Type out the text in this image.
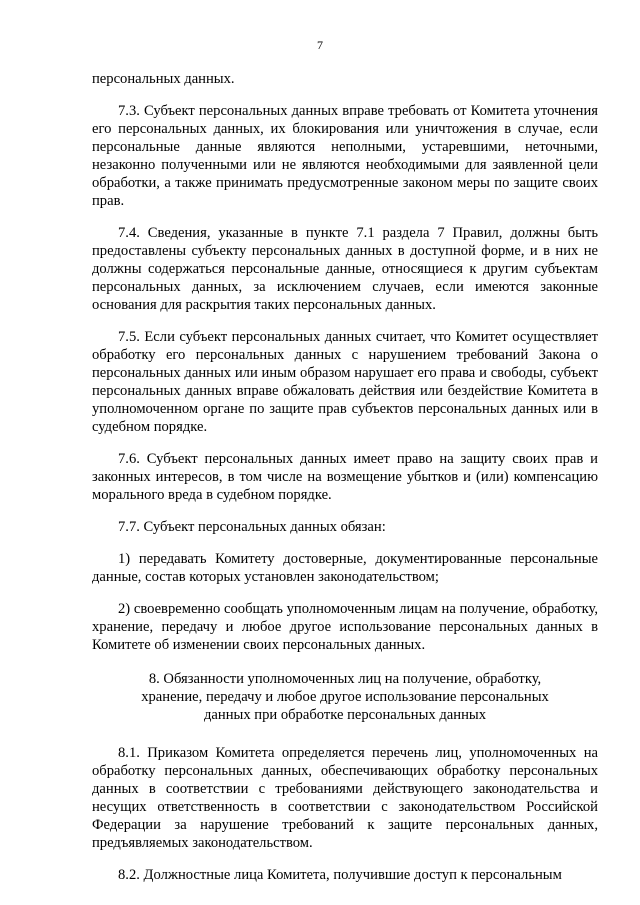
7

персональных данных.

7.3. Субъект персональных данных вправе требовать от Комитета уточнения его персональных данных, их блокирования или уничтожения в случае, если персональные данные являются неполными, устаревшими, неточными, незаконно полученными или не являются необходимыми для заявленной цели обработки, а также принимать предусмотренные законом меры по защите своих прав.

7.4. Сведения, указанные в пункте 7.1 раздела 7 Правил, должны быть предоставлены субъекту персональных данных в доступной форме, и в них не должны содержаться персональные данные, относящиеся к другим субъектам персональных данных, за исключением случаев, если имеются законные основания для раскрытия таких персональных данных.

7.5. Если субъект персональных данных считает, что Комитет осуществляет обработку его персональных данных с нарушением требований Закона о персональных данных или иным образом нарушает его права и свободы, субъект персональных данных вправе обжаловать действия или бездействие Комитета в уполномоченном органе по защите прав субъектов персональных данных или в судебном порядке.

7.6. Субъект персональных данных имеет право на защиту своих прав и законных интересов, в том числе на возмещение убытков и (или) компенсацию морального вреда в судебном порядке.

7.7. Субъект персональных данных обязан:

1) передавать Комитету достоверные, документированные персональные данные, состав которых установлен законодательством;

2) своевременно сообщать уполномоченным лицам на получение, обработку, хранение, передачу и любое другое использование персональных данных в Комитете об изменении своих персональных данных.

8. Обязанности уполномоченных лиц на получение, обработку,
хранение, передачу и любое другое использование персональных
данных при обработке персональных данных

8.1. Приказом Комитета определяется перечень лиц, уполномоченных на обработку персональных данных, обеспечивающих обработку персональных данных в соответствии с требованиями действующего законодательства и несущих ответственность в соответствии с законодательством Российской Федерации за нарушение требований к защите персональных данных, предъявляемых законодательством.

8.2. Должностные лица Комитета, получившие доступ к персональным
